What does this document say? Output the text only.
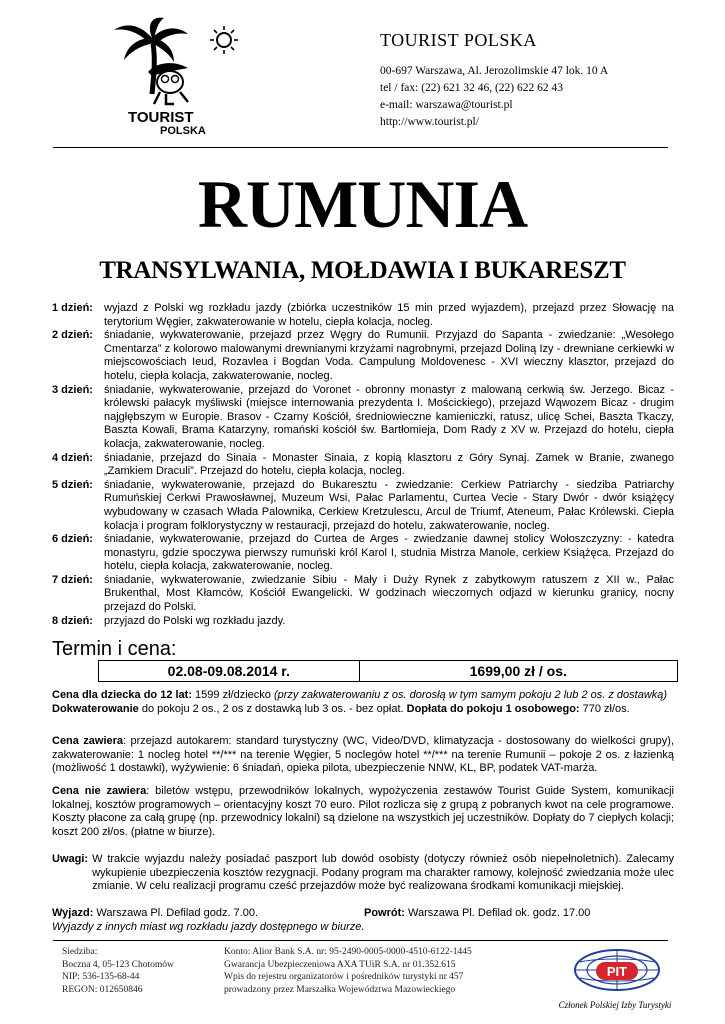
TOURIST
POLSKA
TOURIST POLSKA
00-697 Warszawa, Al. Jerozolimskie 47 lok. 10 A
tel / fax: (22) 621 32 46, (22) 622 62 43
e-mail: warszawa@tourist.pl
http://www.tourist.pl/
RUMUNIA
TRANSYLWANIA, MOŁDAWIA I BUKARESZT
1 dzień:	wyjazd z Polski wg rozkładu jazdy (zbiórka uczestników 15 min przed wyjazdem), przejazd przez Słowację na terytorium Węgier, zakwaterowanie w hotelu, ciepła kolacja, nocleg.
2 dzień:	śniadanie, wykwaterowanie, przejazd przez Węgry do Rumunii. Przyjazd do Sapanta - zwiedzanie: „Wesołego Cmentarza” z kolorowo malowanymi drewnianymi krzyżami nagrobnymi, przejazd Doliną Izy - drewniane cerkiewki w miejscowościach Ieud, Rozavlea i Bogdan Voda. Campulung Moldovenesc - XVI wieczny klasztor, przejazd do hotelu, ciepła kolacja, zakwaterowanie, nocleg.
3 dzień:	śniadanie, wykwaterowanie, przejazd do Voronet - obronny monastyr z malowaną cerkwią św. Jerzego. Bicaz - królewski pałacyk myśliwski (miejsce internowania prezydenta I. Mościckiego), przejazd Wąwozem Bicaz - drugim najgłębszym w Europie. Brasov - Czarny Kościół, średniowieczne kamieniczki, ratusz, ulicę Schei, Baszta Tkaczy, Baszta Kowali, Brama Katarzyny, romański kościół św. Bartłomieja, Dom Rady z XV w. Przejazd do hotelu, ciepła kolacja, zakwaterowanie, nocleg.
4 dzień:	śniadanie, przejazd do Sinaia - Monaster Sinaia, z kopią klasztoru z Góry Synaj. Zamek w Branie, zwanego „Zamkiem Draculi”. Przejazd do hotelu, ciepła kolacja, nocleg.
5 dzień:	śniadanie, wykwaterowanie, przejazd do Bukaresztu - zwiedzanie: Cerkiew Patriarchy - siedziba Patriarchy Rumuńskiej Cerkwi Prawosławnej, Muzeum Wsi, Pałac Parlamentu, Curtea Vecie - Stary Dwór - dwór książęcy wybudowany w czasach Włada Palownika, Cerkiew Kretzulescu, Arcul de Triumf, Ateneum, Pałac Królewski. Ciepła kolacja i program folklorystyczny w restauracji, przejazd do hotelu, zakwaterowanie, nocleg.
6 dzień:	śniadanie, wykwaterowanie, przejazd do Curtea de Arges - zwiedzanie dawnej stolicy Wołoszczyzny: - katedra monastyru, gdzie spoczywa pierwszy rumuński król Karol I, studnia Mistrza Manole, cerkiew Książęca. Przejazd do hotelu, ciepła kolacja, zakwaterowanie, nocleg.
7 dzień:	śniadanie, wykwaterowanie, zwiedzanie Sibiu - Mały i Duży Rynek z zabytkowym ratuszem z XII w., Pałac Brukenthal, Most Kłamców, Kościół Ewangelicki. W godzinach wieczornych odjazd w kierunku granicy, nocny przejazd do Polski.
8 dzień:	przyjazd do Polski wg rozkładu jazdy.
Termin i cena:
02.08-09.08.2014 r.	1699,00 zł / os.
Cena dla dziecka do 12 lat: 1599 zł/dziecko (przy zakwaterowaniu z os. dorosłą w tym samym pokoju 2 lub 2 os. z dostawką)
Dokwaterowanie do pokoju 2 os., 2 os z dostawką lub 3 os. - bez opłat. Dopłata do pokoju 1 osobowego: 770 zł/os.
Cena zawiera: przejazd autokarem: standard turystyczny (WC, Video/DVD, klimatyzacja - dostosowany do wielkości grupy), zakwaterowanie: 1 nocleg hotel **/*** na terenie Węgier, 5 noclegów hotel **/*** na terenie Rumunii – pokoje 2 os. z łazienką (możliwość 1 dostawki), wyżywienie: 6 śniadań, opieka pilota, ubezpieczenie NNW, KL, BP, podatek VAT-marża.
Cena nie zawiera: biletów wstępu, przewodników lokalnych, wypożyczenia zestawów Tourist Guide System, komunikacji lokalnej, kosztów programowych – orientacyjny koszt 70 euro. Pilot rozlicza się z grupą z pobranych kwot na cele programowe. Koszty płacone za całą grupę (np. przewodnicy lokalni) są dzielone na wszystkich jej uczestników. Dopłaty do 7 ciepłych kolacji; koszt 200 zł/os. (płatne w biurze).
Uwagi: W trakcie wyjazdu należy posiadać paszport lub dowód osobisty (dotyczy również osób niepełnoletnich). Zalecamy wykupienie ubezpieczenia kosztów rezygnacji. Podany program ma charakter ramowy, kolejność zwiedzania może ulec zmianie. W celu realizacji programu cześć przejazdów może być realizowana środkami komunikacji miejskiej.
Wyjazd: Warszawa Pl. Defilad godz. 7.00.	Powrót: Warszawa Pl. Defilad ok. godz. 17.00
Wyjazdy z innych miast wg rozkładu jazdy dostępnego w biurze.
Siedziba:
Boczna 4, 05-123 Chotomów
NIP: 536-135-68-44
REGON: 012650846
Konto: Alior Bank S.A. nr: 95-2490-0005-0000-4510-6122-1445
Gwarancja Ubezpieczeniowa AXA TUiR S.A. nr 01.352.615
Wpis do rejestru organizatorów i pośredników turystyki nr 457
prowadzony przez Marszałka Województwa Mazowieckiego
PIT
Członek Polskiej Izby Turystyki
